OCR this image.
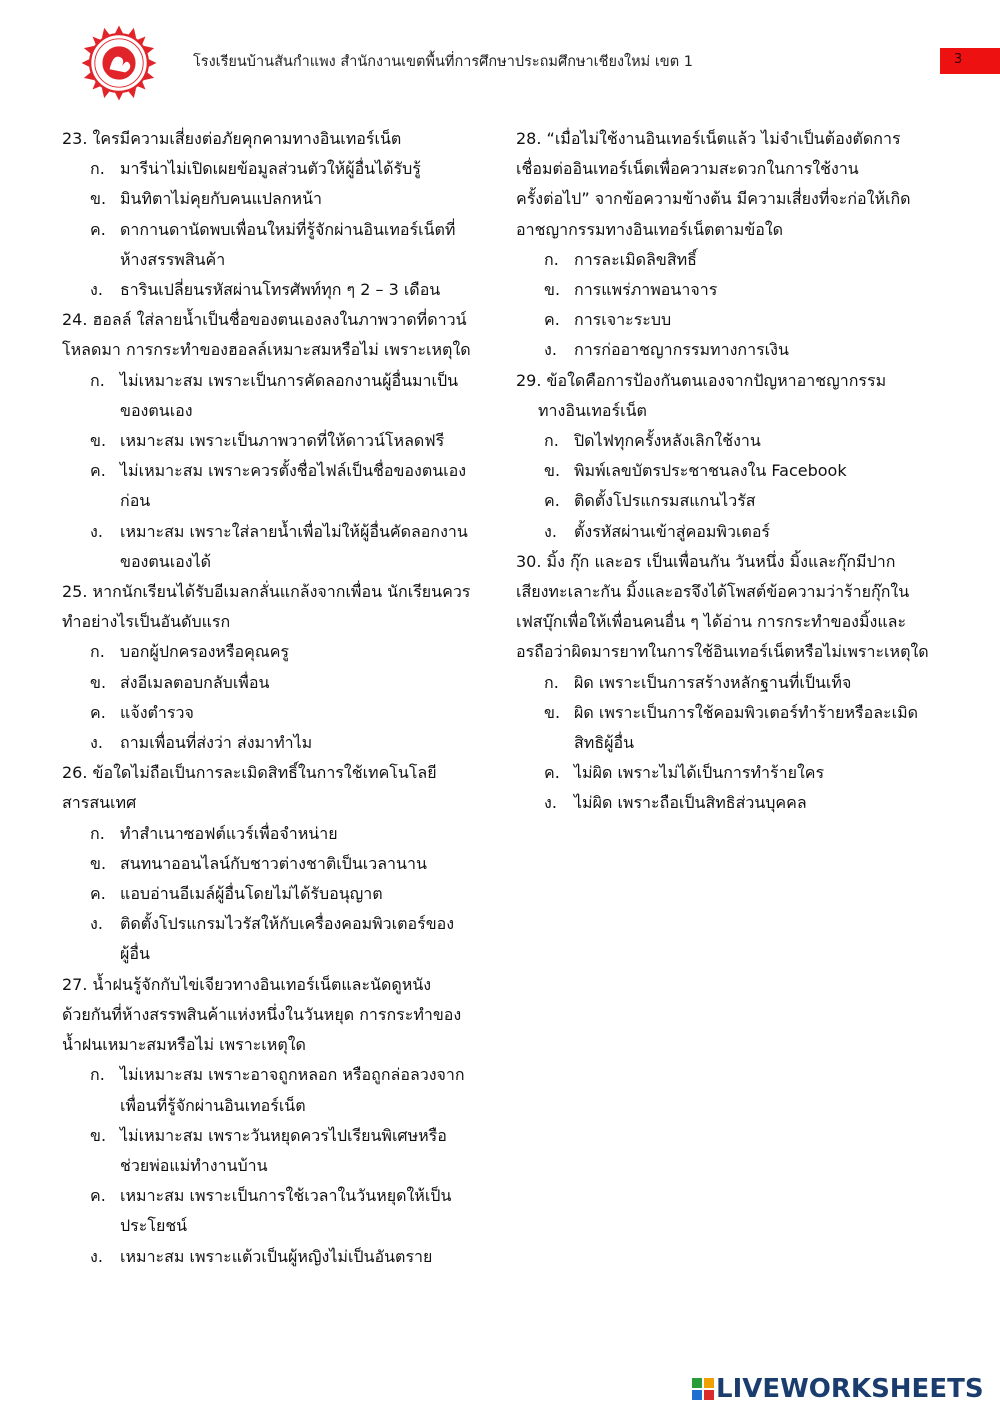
โรงเรียนบ้านสันกำแพง สำนักงานเขตพื้นที่การศึกษาประถมศึกษาเชียงใหม่ เขต 1	3
23. ใครมีความเสี่ยงต่อภัยคุกคามทางอินเทอร์เน็ต
ก. มารีน่าไม่เปิดเผยข้อมูลส่วนตัวให้ผู้อื่นได้รับรู้
ข. มินทิตาไม่คุยกับคนแปลกหน้า
ค. ดากานดานัดพบเพื่อนใหม่ที่รู้จักผ่านอินเทอร์เน็ตที่
ห้างสรรพสินค้า
ง. ธารินเปลี่ยนรหัสผ่านโทรศัพท์ทุก ๆ 2 – 3 เดือน
24. ฮอลล์ ใส่ลายน้ำเป็นชื่อของตนเองลงในภาพวาดที่ดาวน์
โหลดมา การกระทำของฮอลล์เหมาะสมหรือไม่ เพราะเหตุใด
ก. ไม่เหมาะสม เพราะเป็นการคัดลอกงานผู้อื่นมาเป็น
ของตนเอง
ข. เหมาะสม เพราะเป็นภาพวาดที่ให้ดาวน์โหลดฟรี
ค. ไม่เหมาะสม เพราะควรตั้งชื่อไฟล์เป็นชื่อของตนเอง
ก่อน
ง. เหมาะสม เพราะใส่ลายน้ำเพื่อไม่ให้ผู้อื่นคัดลอกงาน
ของตนเองได้
25. หากนักเรียนได้รับอีเมลกลั่นแกล้งจากเพื่อน นักเรียนควร
ทำอย่างไรเป็นอันดับแรก
ก. บอกผู้ปกครองหรือคุณครู
ข. ส่งอีเมลตอบกลับเพื่อน
ค. แจ้งตำรวจ
ง. ถามเพื่อนที่ส่งว่า ส่งมาทำไม
26. ข้อใดไม่ถือเป็นการละเมิดสิทธิ์ในการใช้เทคโนโลยี
สารสนเทศ
ก. ทำสำเนาซอฟต์แวร์เพื่อจำหน่าย
ข. สนทนาออนไลน์กับชาวต่างชาติเป็นเวลานาน
ค. แอบอ่านอีเมล์ผู้อื่นโดยไม่ได้รับอนุญาต
ง. ติดตั้งโปรแกรมไวรัสให้กับเครื่องคอมพิวเตอร์ของ
ผู้อื่น
27. น้ำฝนรู้จักกับไข่เจียวทางอินเทอร์เน็ตและนัดดูหนัง
ด้วยกันที่ห้างสรรพสินค้าแห่งหนึ่งในวันหยุด การกระทำของ
น้ำฝนเหมาะสมหรือไม่ เพราะเหตุใด
ก. ไม่เหมาะสม เพราะอาจถูกหลอก หรือถูกล่อลวงจาก
เพื่อนที่รู้จักผ่านอินเทอร์เน็ต
ข. ไม่เหมาะสม เพราะวันหยุดควรไปเรียนพิเศษหรือ
ช่วยพ่อแม่ทำงานบ้าน
ค. เหมาะสม เพราะเป็นการใช้เวลาในวันหยุดให้เป็น
ประโยชน์
ง. เหมาะสม เพราะแต้วเป็นผู้หญิงไม่เป็นอันตราย
28. “เมื่อไม่ใช้งานอินเทอร์เน็ตแล้ว ไม่จำเป็นต้องตัดการ
เชื่อมต่ออินเทอร์เน็ตเพื่อความสะดวกในการใช้งาน
ครั้งต่อไป” จากข้อความข้างต้น มีความเสี่ยงที่จะก่อให้เกิด
อาชญากรรมทางอินเทอร์เน็ตตามข้อใด
ก. การละเมิดลิขสิทธิ์
ข. การแพร่ภาพอนาจาร
ค. การเจาะระบบ
ง. การก่ออาชญากรรมทางการเงิน
29. ข้อใดคือการป้องกันตนเองจากปัญหาอาชญากรรม
ทางอินเทอร์เน็ต
ก. ปิดไฟทุกครั้งหลังเลิกใช้งาน
ข. พิมพ์เลขบัตรประชาชนลงใน Facebook
ค. ติดตั้งโปรแกรมสแกนไวรัส
ง. ตั้งรหัสผ่านเข้าสู่คอมพิวเตอร์
30. มิ้ง กุ๊ก และอร เป็นเพื่อนกัน วันหนึ่ง มิ้งและกุ๊กมีปาก
เสียงทะเลาะกัน มิ้งและอรจึงได้โพสต์ข้อความว่าร้ายกุ๊กใน
เฟสบุ๊กเพื่อให้เพื่อนคนอื่น ๆ ได้อ่าน การกระทำของมิ้งและ
อรถือว่าผิดมารยาทในการใช้อินเทอร์เน็ตหรือไม่เพราะเหตุใด
ก. ผิด เพราะเป็นการสร้างหลักฐานที่เป็นเท็จ
ข. ผิด เพราะเป็นการใช้คอมพิวเตอร์ทำร้ายหรือละเมิด
สิทธิผู้อื่น
ค. ไม่ผิด เพราะไม่ได้เป็นการทำร้ายใคร
ง. ไม่ผิด เพราะถือเป็นสิทธิส่วนบุคคล
LIVEWORKSHEETS
